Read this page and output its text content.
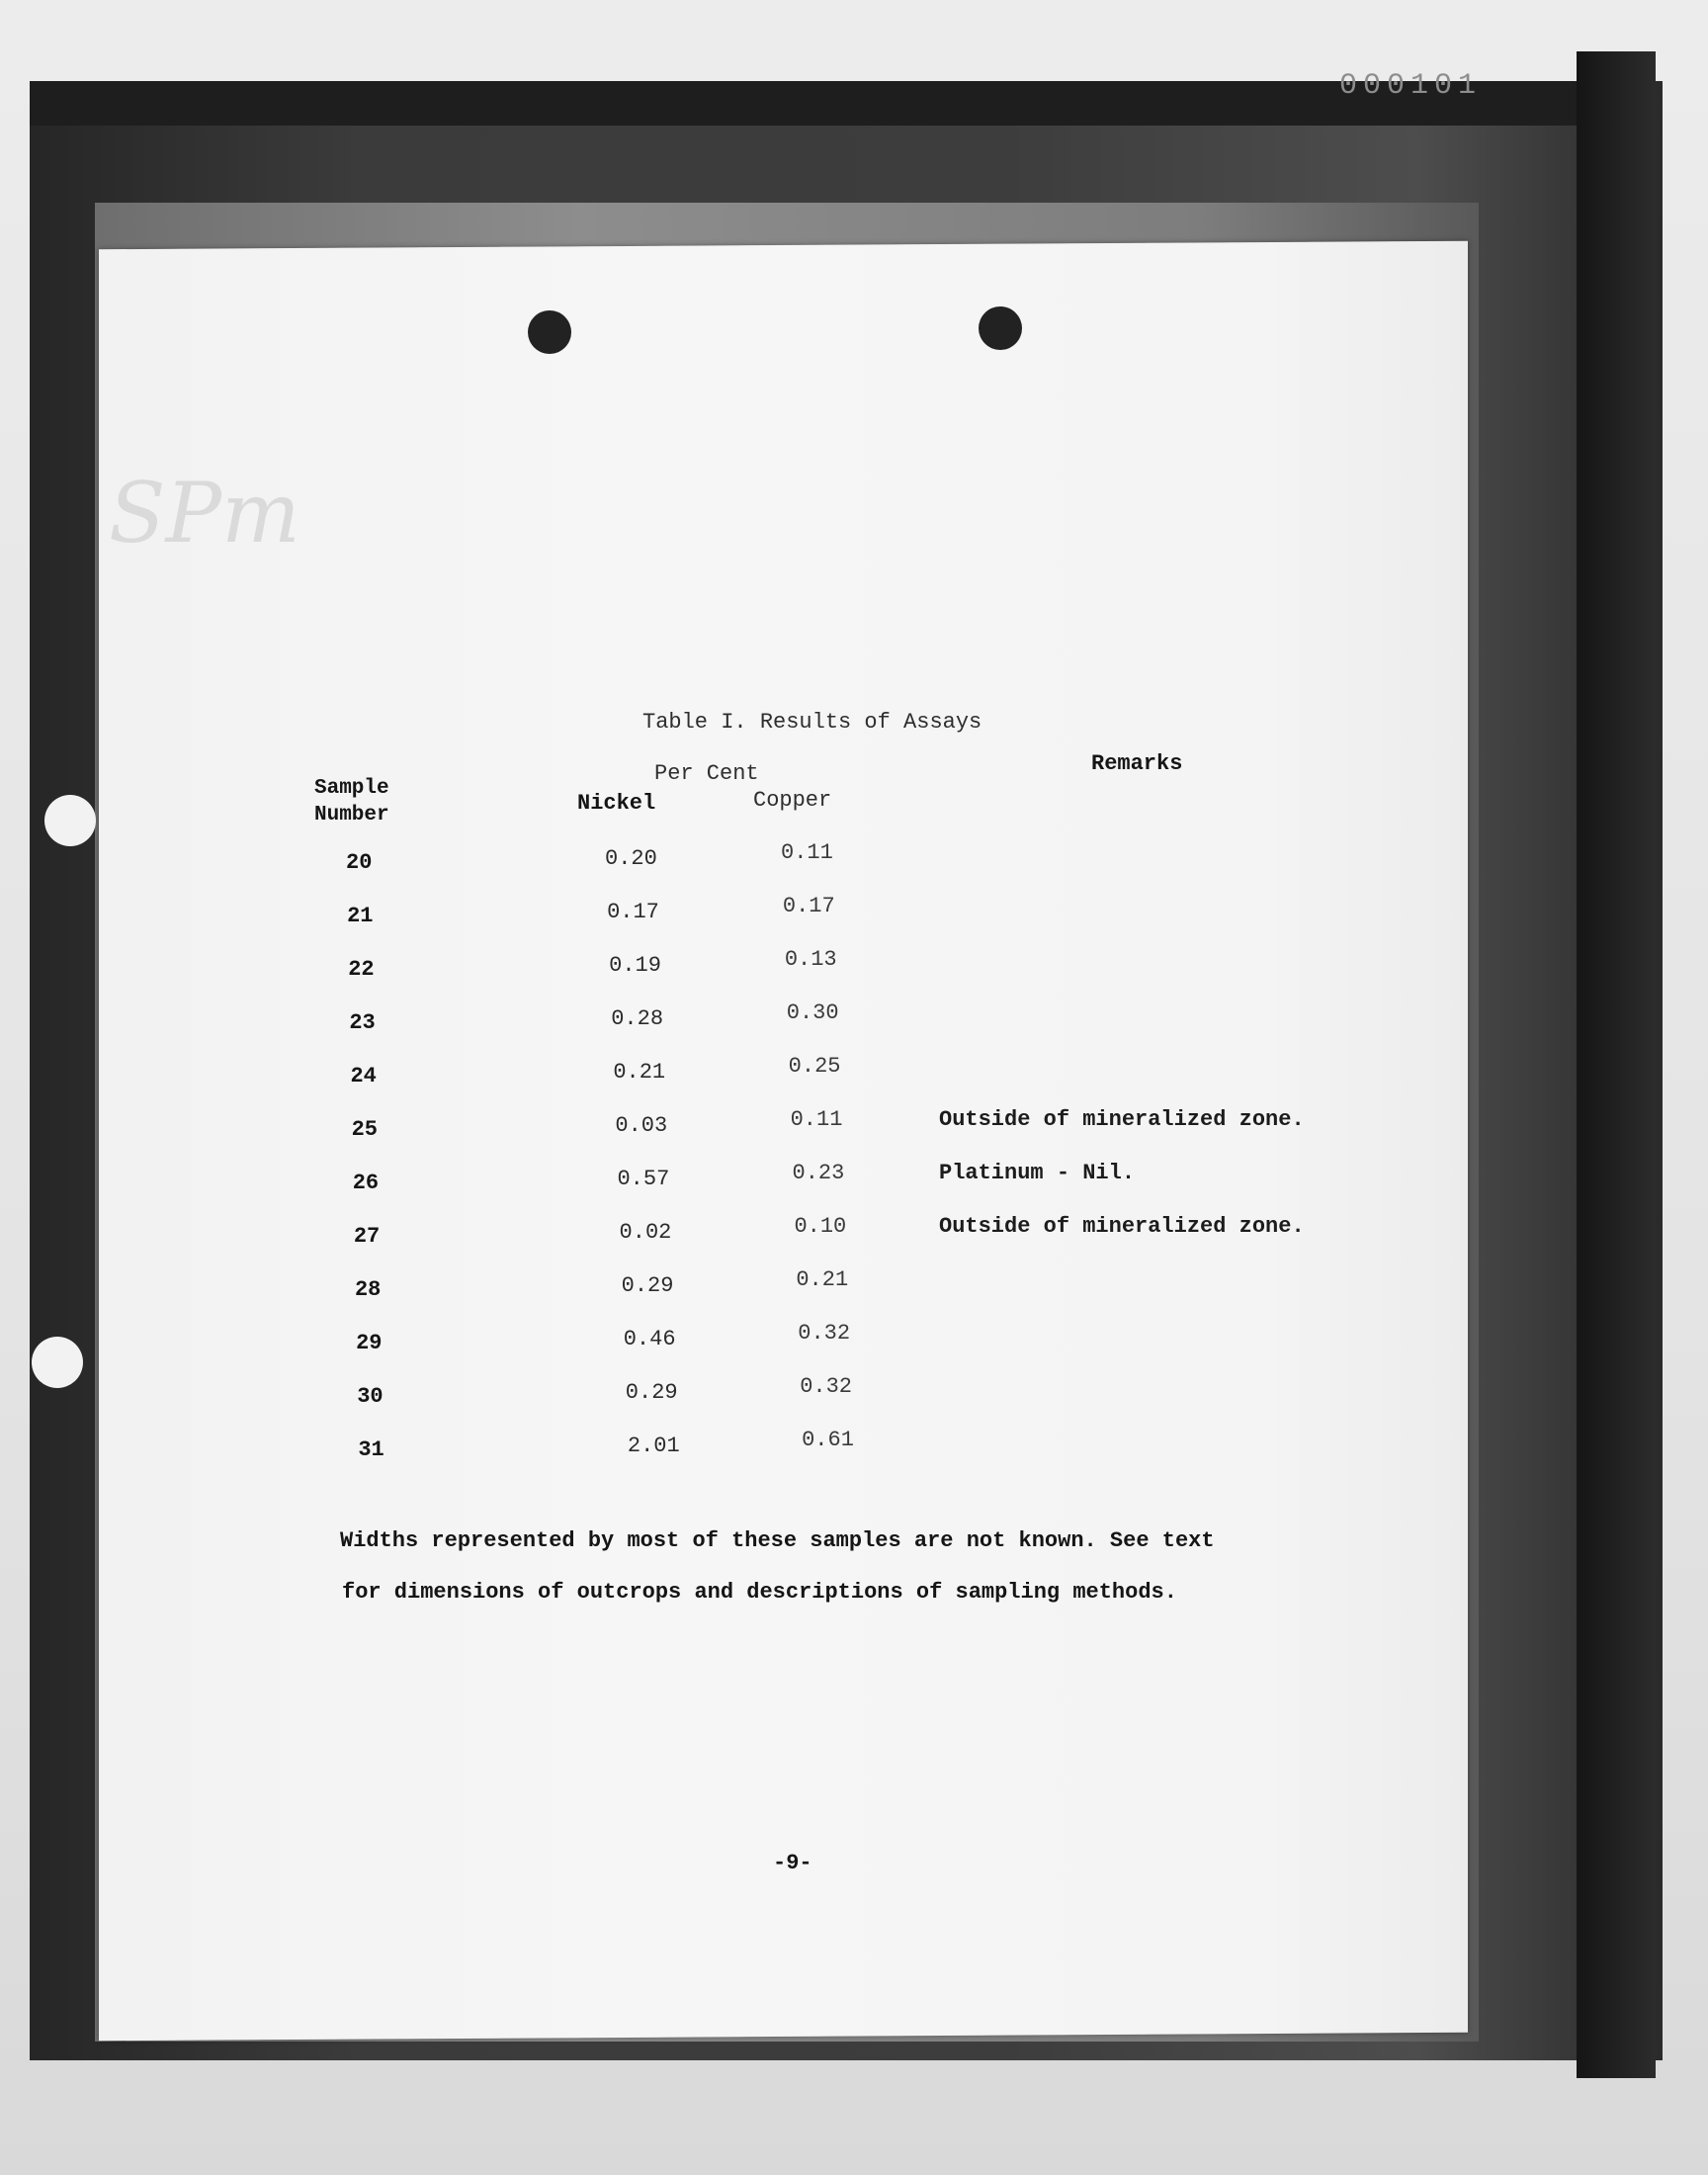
000101
SPm
Table I. Results of Assays
Per Cent	Remarks
Sample
Number	Nickel	Copper
20	0.20	0.11
21	0.17	0.17
22	0.19	0.13
23	0.28	0.30
24	0.21	0.25
25	0.03	0.11	Outside of mineralized zone.
26	0.57	0.23	Platinum - Nil.
27	0.02	0.10	Outside of mineralized zone.
28	0.29	0.21
29	0.46	0.32
30	0.29	0.32
31	2.01	0.61
Widths represented by most of these samples are not known. See text
for dimensions of outcrops and descriptions of sampling methods.
-9-
